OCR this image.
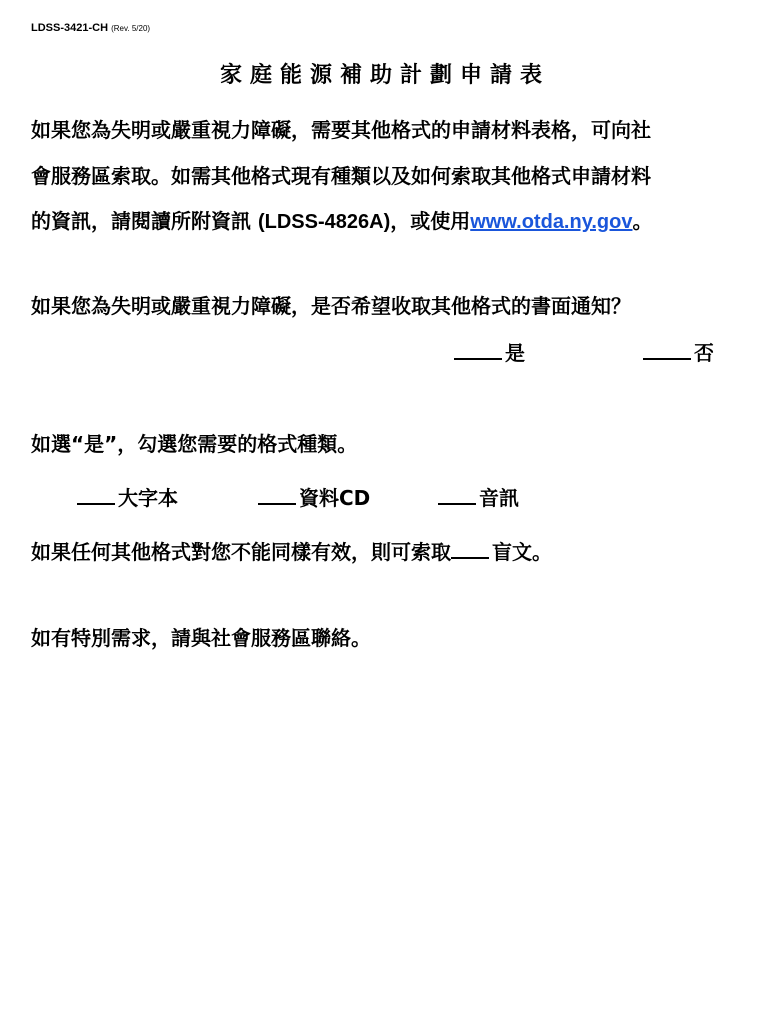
LDSS-3421-CH (Rev. 5/20)
家庭能源補助計劃申請表
如果您為失明或嚴重視力障礙，需要其他格式的申請材料表格，可向社
會服務區索取。如需其他格式現有種類以及如何索取其他格式申請材料
的資訊，請閱讀所附資訊 (LDSS-4826A)，或使用www.otda.ny.gov。
如果您為失明或嚴重視力障礙，是否希望收取其他格式的書面通知？
是	否
如選“是”，勾選您需要的格式種類。
大字本	資料CD	音訊
如果任何其他格式對您不能同樣有效，則可索取 盲文。
如有特別需求，請與社會服務區聯絡。
